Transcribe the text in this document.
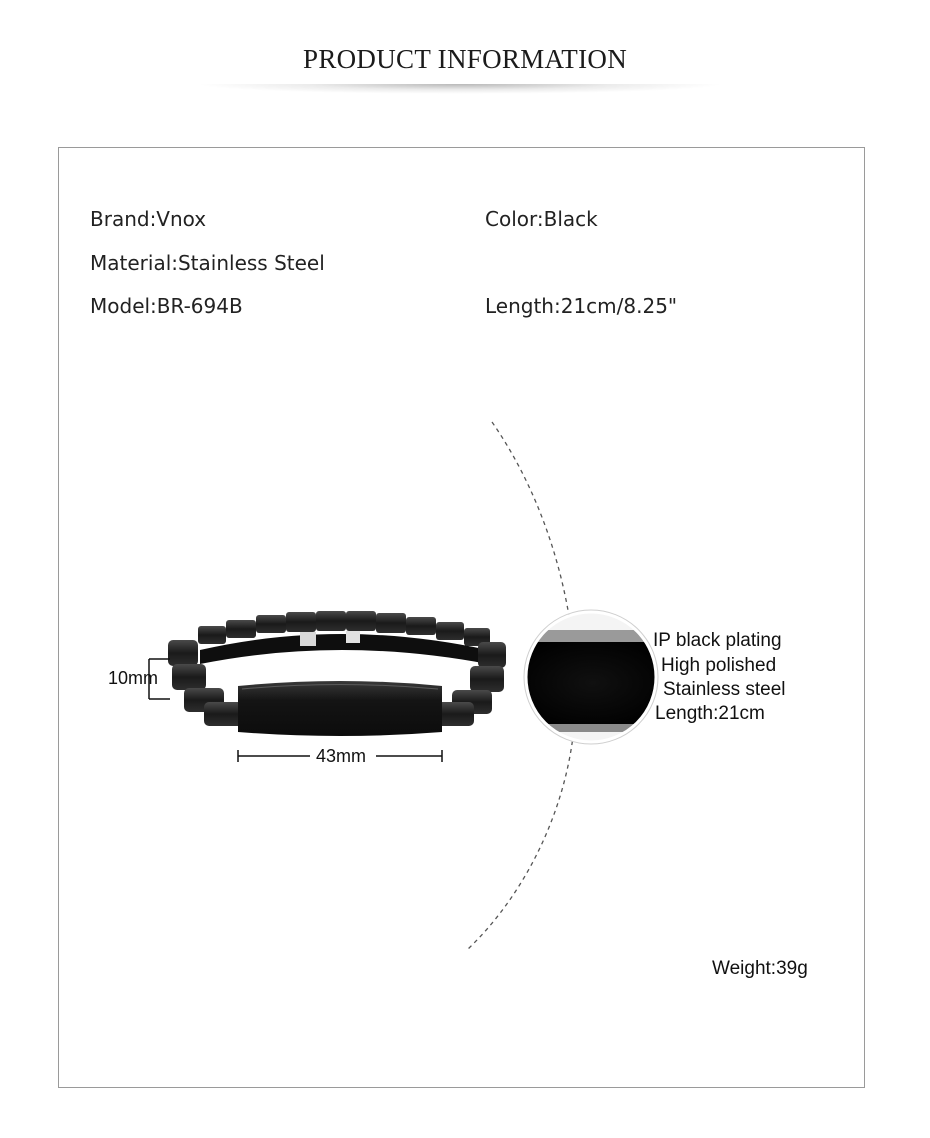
PRODUCT INFORMATION
Brand:Vnox	Color:Black
Material:Stainless Steel
Model:BR-694B	Length:21cm/8.25"
10mm
43mm
IP black plating
High polished
Stainless steel
Length:21cm
Weight:39g
